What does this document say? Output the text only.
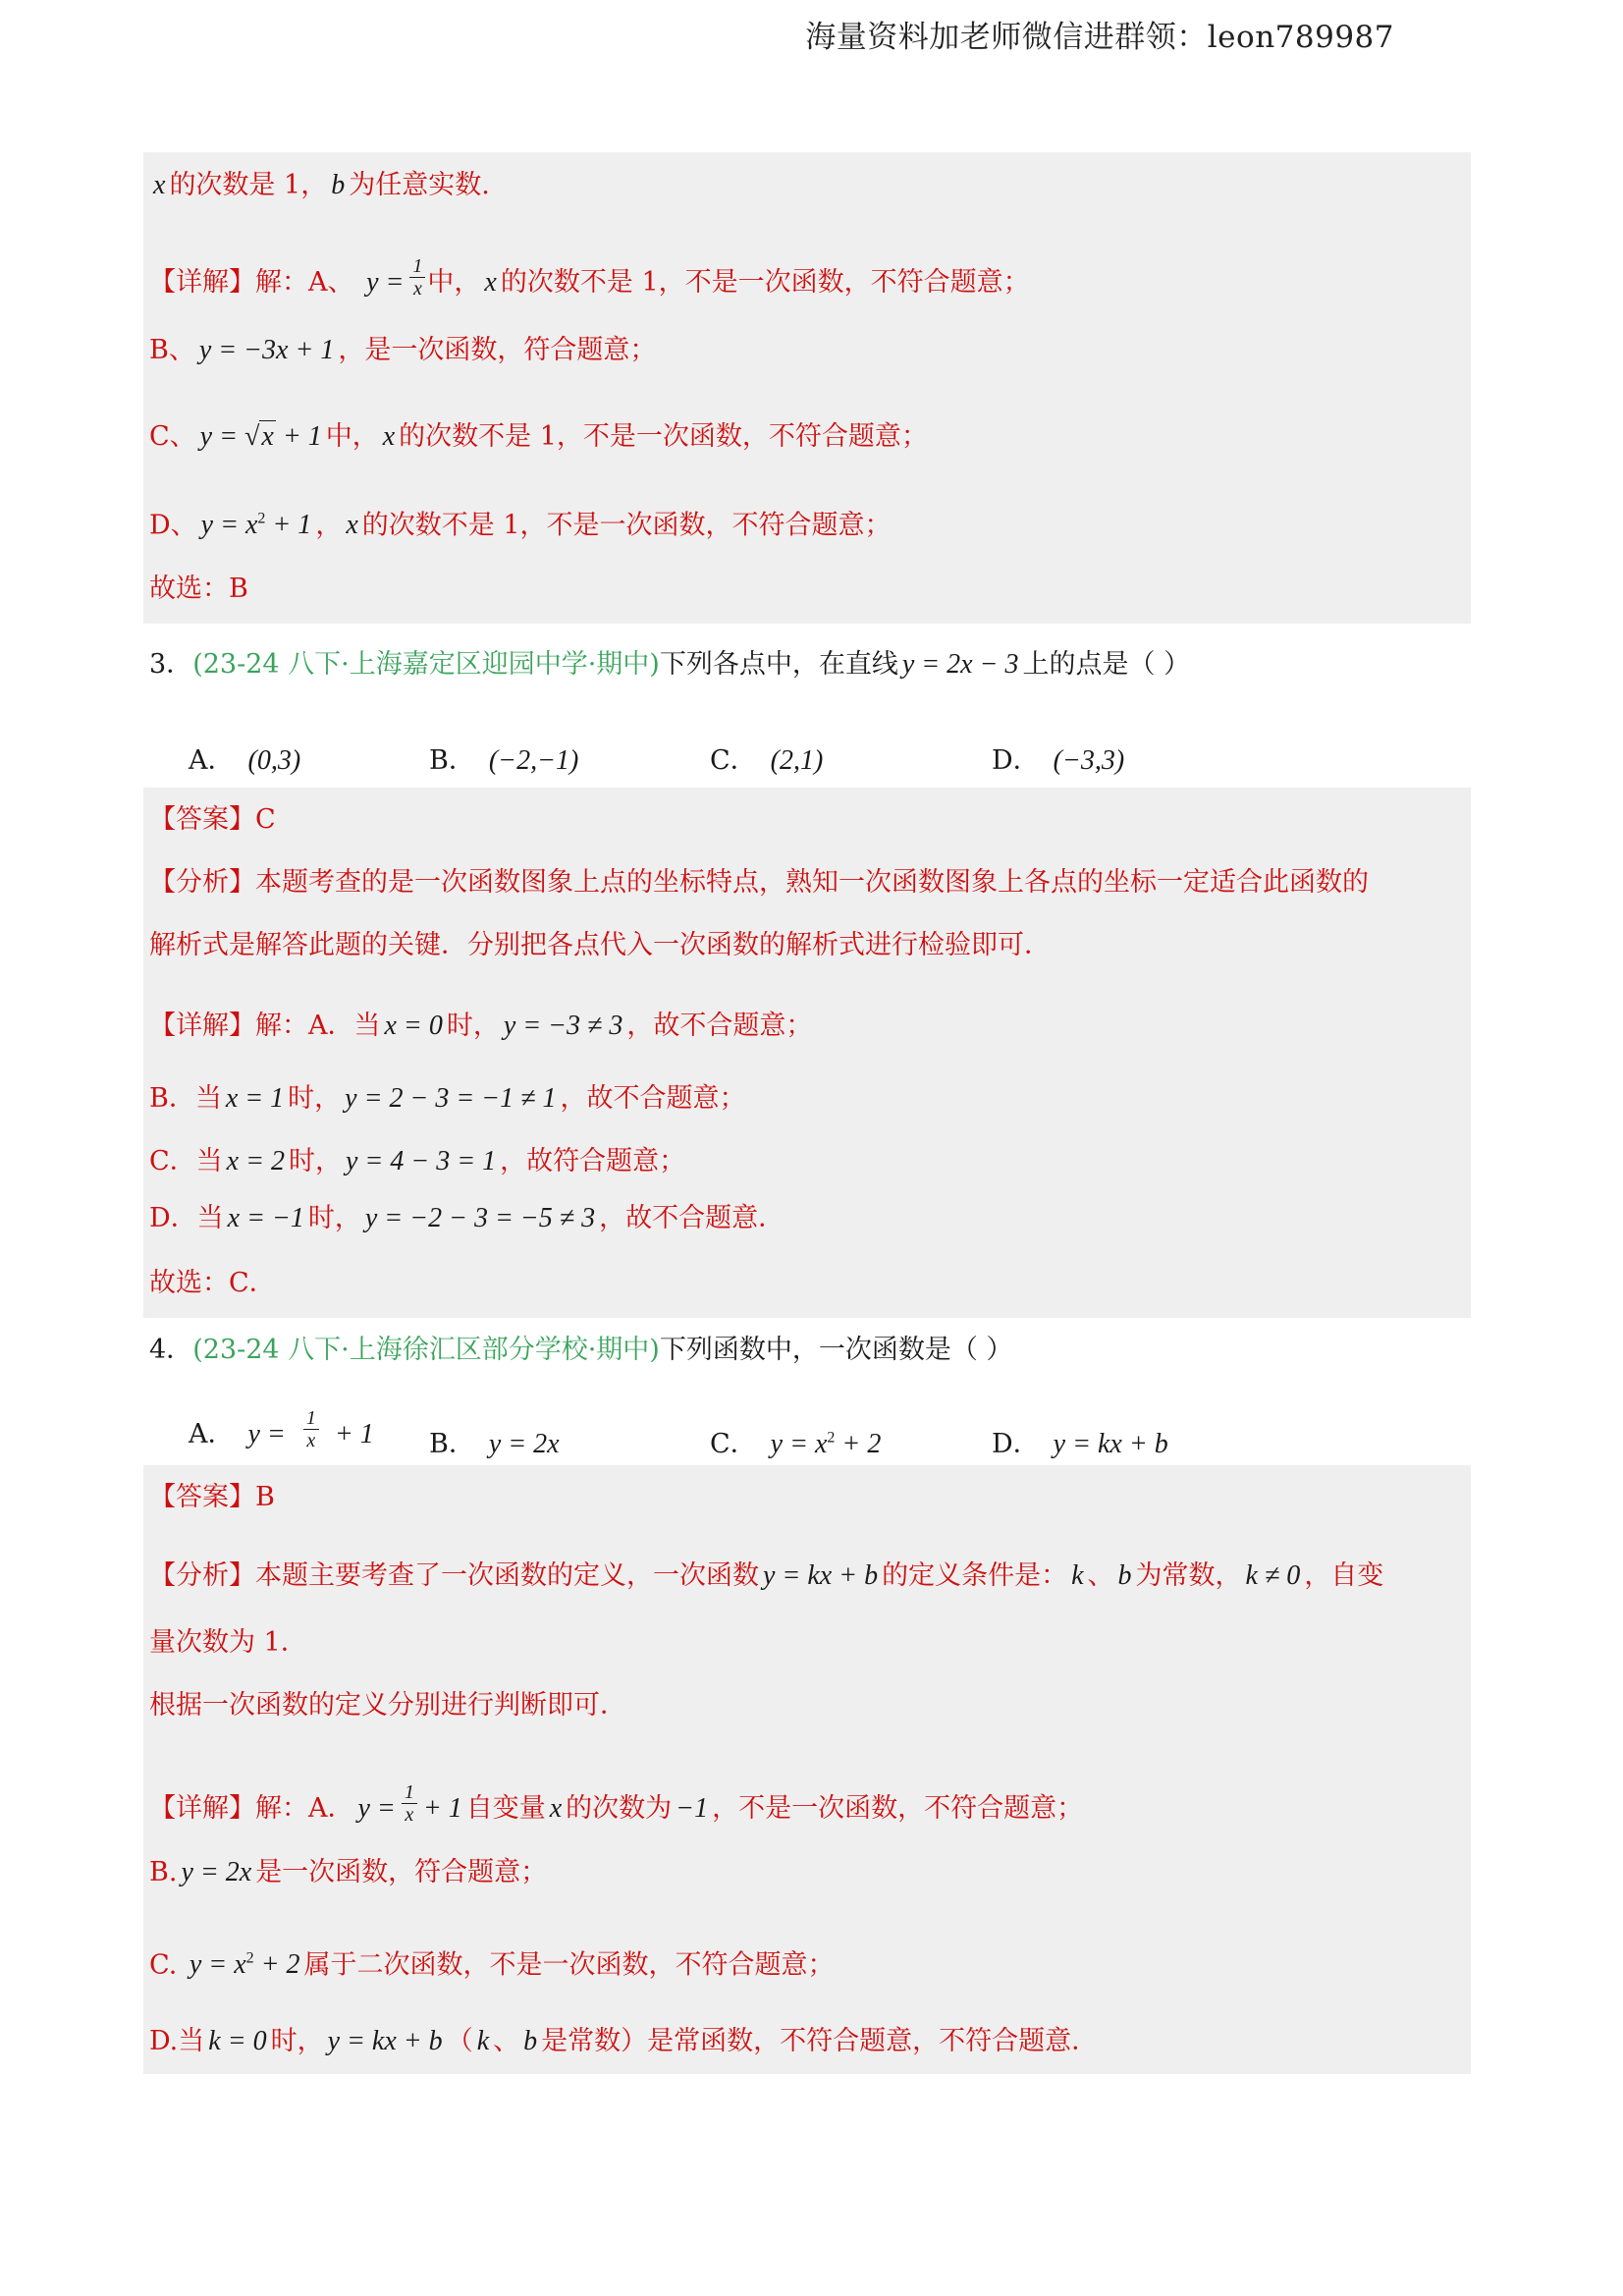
海量资料加老师微信进群领：leon789987
x 的次数是 1， b 为任意实数.
【详解】解：A、 $y = \frac{1}{x}$ 中， x 的次数不是 1，不是一次函数，不符合题意；
B、 y = −3x + 1 ，是一次函数，符合题意；
C、 y = √x + 1 中， x 的次数不是 1，不是一次函数，不符合题意；
D、 $y = x^2 + 1$ ， x 的次数不是 1，不是一次函数，不符合题意；
故选：B
3．(23-24 八下·上海嘉定区迎园中学·期中)下列各点中，在直线 y = 2x − 3 上的点是（ ）
A． (0,3)	B． (−2,−1)	C． (2,1)	D． (−3,3)
【答案】C
【分析】本题考查的是一次函数图象上点的坐标特点，熟知一次函数图象上各点的坐标一定适合此函数的
解析式是解答此题的关键．分别把各点代入一次函数的解析式进行检验即可．
【详解】解：A．当 x = 0 时， y = −3 ≠ 3 ，故不合题意；
B．当 x = 1 时， y = 2 − 3 = −1 ≠ 1 ，故不合题意；
C．当 x = 2 时， y = 4 − 3 = 1 ，故符合题意；
D．当 x = −1 时， y = −2 − 3 = −5 ≠ 3 ，故不合题意．
故选：C．
4．(23-24 八下·上海徐汇区部分学校·期中)下列函数中，一次函数是（ ）
A． $y = \frac{1}{x} + 1$ B． y = 2x	C． $y = x^2 + 2$	D． y = kx + b
【答案】B
【分析】本题主要考查了一次函数的定义，一次函数 y = kx + b 的定义条件是： k 、 b 为常数， k ≠ 0 ，自变
量次数为 1．
根据一次函数的定义分别进行判断即可．
【详解】解：A． $y = \frac{1}{x} + 1$ 自变量 x 的次数为 −1 ，不是一次函数，不符合题意；
B. y = 2x 是一次函数，符合题意；
C. $y = x^2 + 2$ 属于二次函数，不是一次函数，不符合题意；
D.当 k = 0 时， y = kx + b （ k 、 b 是常数）是常函数，不符合题意，不符合题意．
